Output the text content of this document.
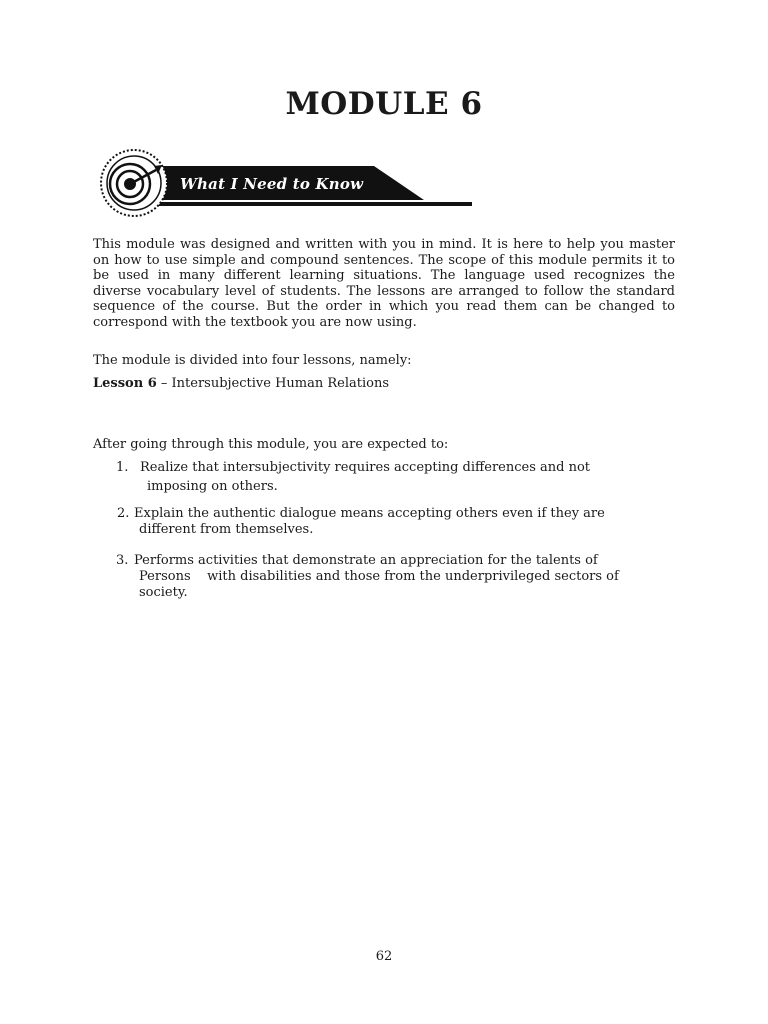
MODULE 6
What I Need to Know
This module was designed and written with you in mind. It is here to help you master on how to use simple and compound sentences. The scope of this module permits it to be used in many different learning situations. The language used recognizes the diverse vocabulary level of students. The lessons are arranged to follow the standard sequence of the course. But the order in which you read them can be changed to correspond with the textbook you are now using.
The module is divided into four lessons, namely:
Lesson 6 – Intersubjective Human Relations
After going through this module, you are expected to:
1. Realize that intersubjectivity requires accepting differences and not
imposing on others.
2. Explain the authentic dialogue means accepting others even if they are
different from themselves.
3. Performs activities that demonstrate an appreciation for the talents of
Persons    with disabilities and those from the underprivileged sectors of
society.
62
